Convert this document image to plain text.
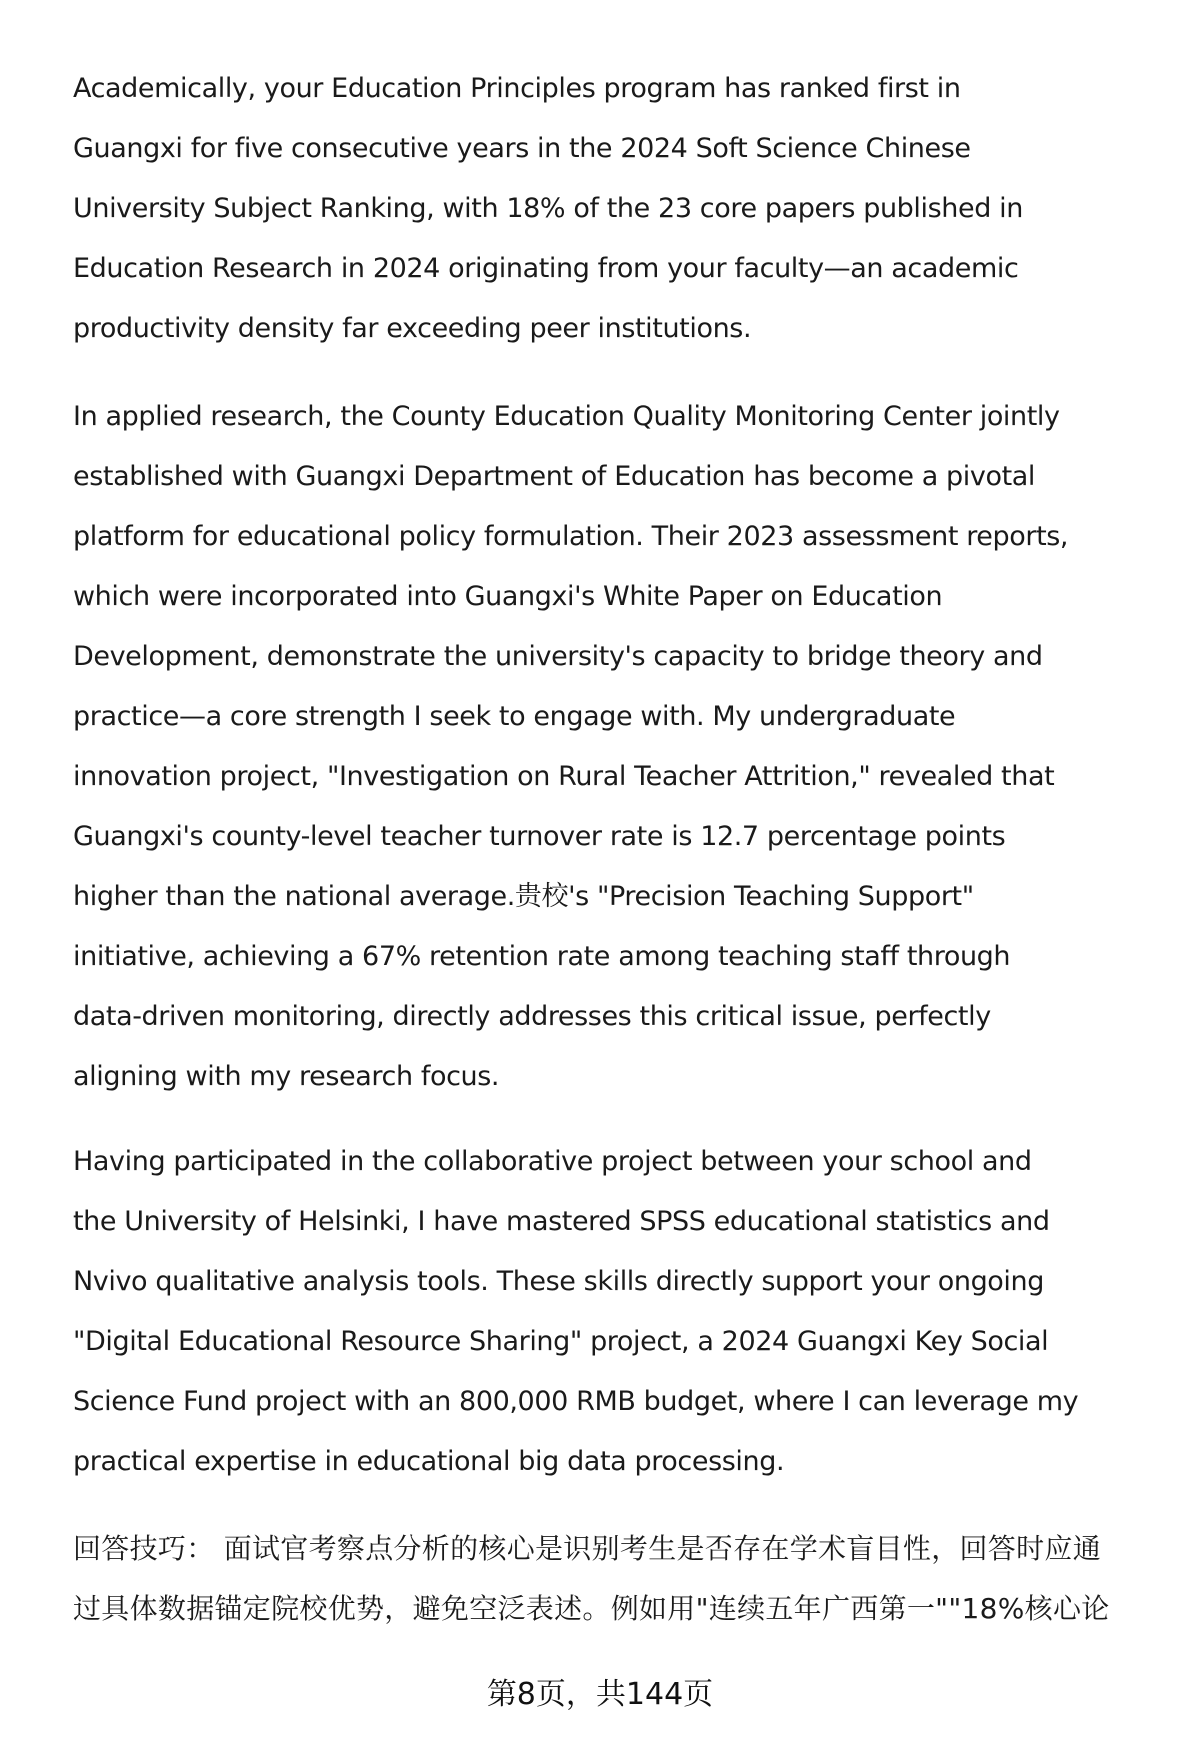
Academically, your Education Principles program has ranked first in
Guangxi for five consecutive years in the 2024 Soft Science Chinese
University Subject Ranking, with 18% of the 23 core papers published in
Education Research in 2024 originating from your faculty—an academic
productivity density far exceeding peer institutions.
In applied research, the County Education Quality Monitoring Center jointly
established with Guangxi Department of Education has become a pivotal
platform for educational policy formulation. Their 2023 assessment reports,
which were incorporated into Guangxi's White Paper on Education
Development, demonstrate the university's capacity to bridge theory and
practice—a core strength I seek to engage with. My undergraduate
innovation project, "Investigation on Rural Teacher Attrition," revealed that
Guangxi's county-level teacher turnover rate is 12.7 percentage points
higher than the national average.贵校's "Precision Teaching Support"
initiative, achieving a 67% retention rate among teaching staff through
data-driven monitoring, directly addresses this critical issue, perfectly
aligning with my research focus.
Having participated in the collaborative project between your school and
the University of Helsinki, I have mastered SPSS educational statistics and
Nvivo qualitative analysis tools. These skills directly support your ongoing
"Digital Educational Resource Sharing" project, a 2024 Guangxi Key Social
Science Fund project with an 800,000 RMB budget, where I can leverage my
practical expertise in educational big data processing.
回答技巧： 面试官考察点分析的核心是识别考生是否存在学术盲目性，回答时应通
过具体数据锚定院校优势，避免空泛表述。例如用"连续五年广西第一""18%核心论
第8页，共144页
